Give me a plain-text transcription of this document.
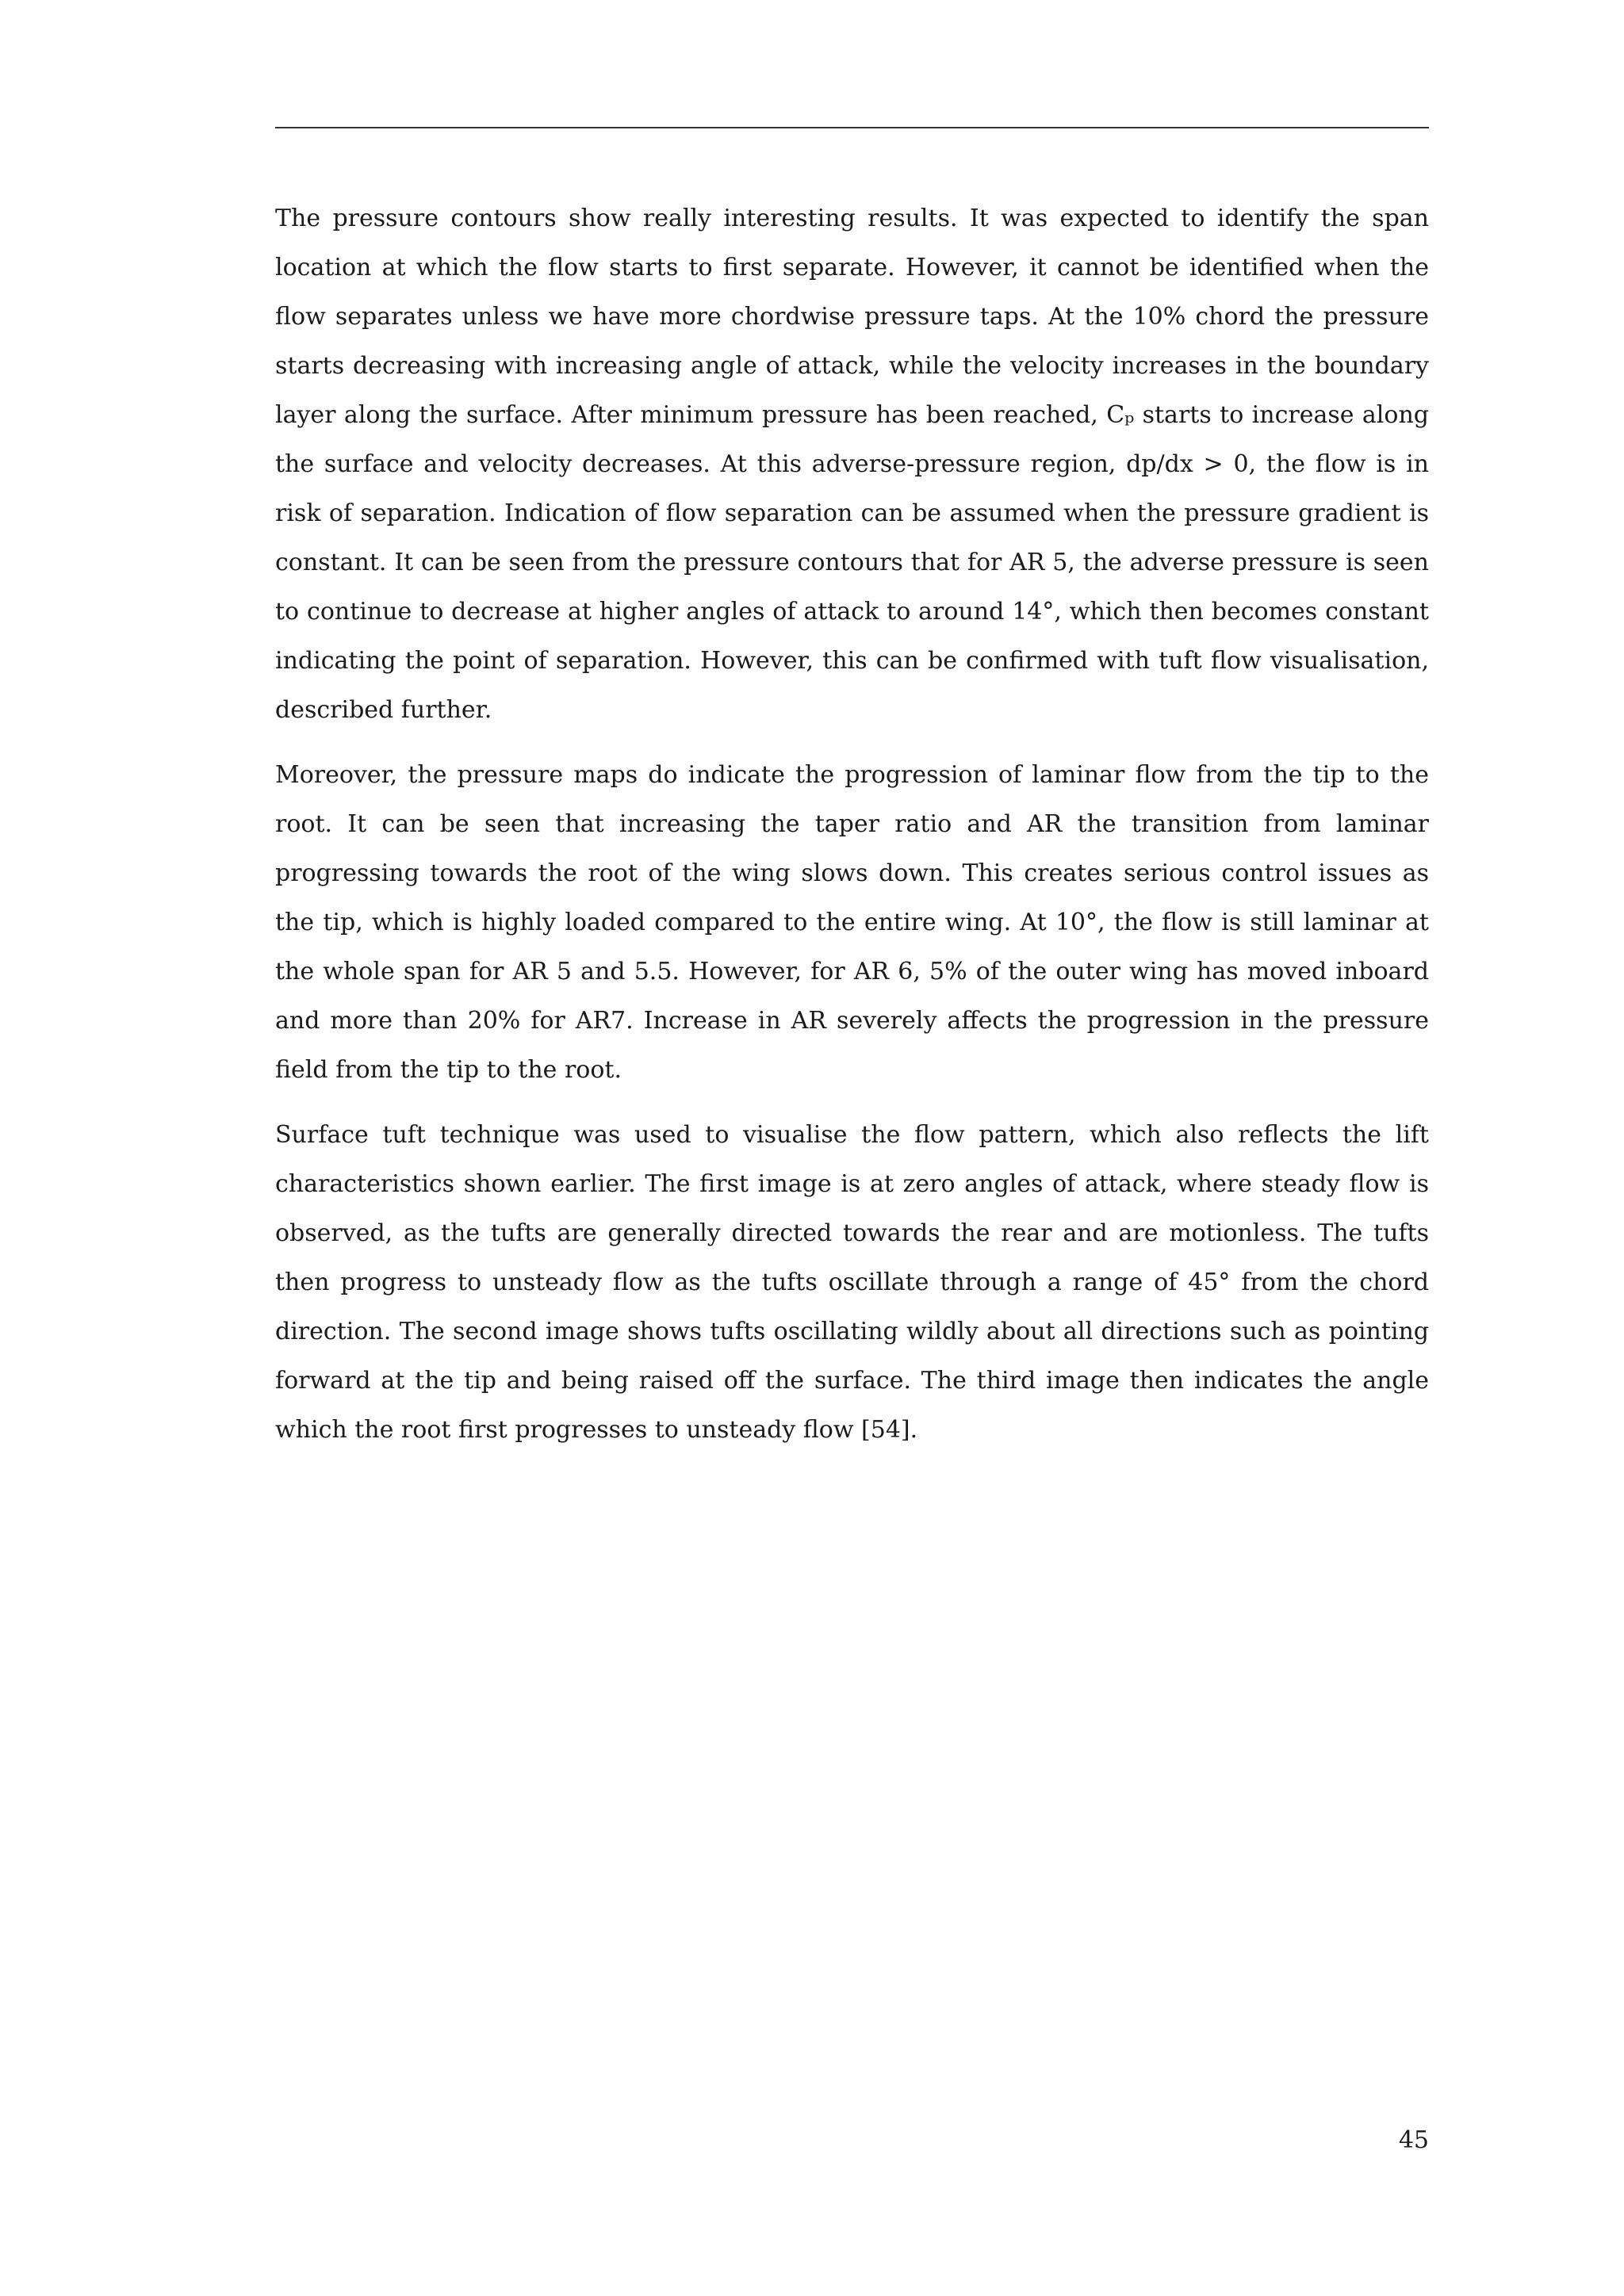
The pressure contours show really interesting results. It was expected to identify the span location at which the flow starts to first separate. However, it cannot be identified when the flow separates unless we have more chordwise pressure taps. At the 10% chord the pressure starts decreasing with increasing angle of attack, while the velocity increases in the boundary layer along the surface. After minimum pressure has been reached, Cₚ starts to increase along the surface and velocity decreases. At this adverse-pressure region, dp/dx > 0, the flow is in risk of separation. Indication of flow separation can be assumed when the pressure gradient is constant. It can be seen from the pressure contours that for AR 5, the adverse pressure is seen to continue to decrease at higher angles of attack to around 14°, which then becomes constant indicating the point of separation. However, this can be confirmed with tuft flow visualisation, described further.

Moreover, the pressure maps do indicate the progression of laminar flow from the tip to the root. It can be seen that increasing the taper ratio and AR the transition from laminar progressing towards the root of the wing slows down. This creates serious control issues as the tip, which is highly loaded compared to the entire wing. At 10°, the flow is still laminar at the whole span for AR 5 and 5.5. However, for AR 6, 5% of the outer wing has moved inboard and more than 20% for AR7. Increase in AR severely affects the progression in the pressure field from the tip to the root.

Surface tuft technique was used to visualise the flow pattern, which also reflects the lift characteristics shown earlier. The first image is at zero angles of attack, where steady flow is observed, as the tufts are generally directed towards the rear and are motionless. The tufts then progress to unsteady flow as the tufts oscillate through a range of 45° from the chord direction. The second image shows tufts oscillating wildly about all directions such as pointing forward at the tip and being raised off the surface. The third image then indicates the angle which the root first progresses to unsteady flow [54].

45
